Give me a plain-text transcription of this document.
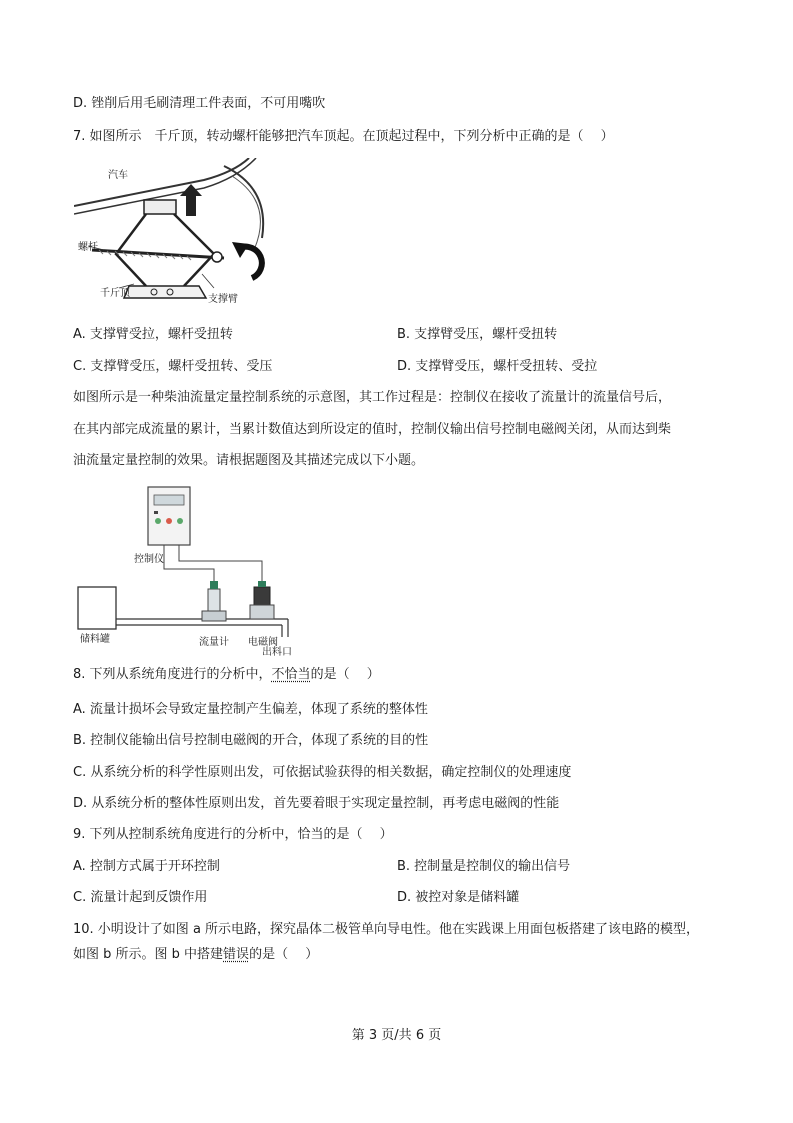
D. 锉削后用毛刷清理工件表面，不可用嘴吹
7. 如图所示　千斤顶，转动螺杆能够把汽车顶起。在顶起过程中，下列分析中正确的是（　 ）
汽车
螺杆
千斤顶
支撑臂
A. 支撑臂受拉，螺杆受扭转	B. 支撑臂受压，螺杆受扭转
C. 支撑臂受压，螺杆受扭转、受压	D. 支撑臂受压，螺杆受扭转、受拉
如图所示是一种柴油流量定量控制系统的示意图，其工作过程是：控制仪在接收了流量计的流量信号后，
在其内部完成流量的累计，当累计数值达到所设定的值时，控制仪输出信号控制电磁阀关闭，从而达到柴
油流量定量控制的效果。请根据题图及其描述完成以下小题。
控制仪
储料罐	流量计 电磁阀
出料口
8. 下列从系统角度进行的分析中，不恰当的是（　 ）
A. 流量计损坏会导致定量控制产生偏差，体现了系统的整体性
B. 控制仪能输出信号控制电磁阀的开合，体现了系统的目的性
C. 从系统分析的科学性原则出发，可依据试验获得的相关数据，确定控制仪的处理速度
D. 从系统分析的整体性原则出发，首先要着眼于实现定量控制，再考虑电磁阀的性能
9. 下列从控制系统角度进行的分析中，恰当的是（　 ）
A. 控制方式属于开环控制	B. 控制量是控制仪的输出信号
C. 流量计起到反馈作用	D. 被控对象是储料罐
10. 小明设计了如图 a 所示电路，探究晶体二极管单向导电性。他在实践课上用面包板搭建了该电路的模型，
如图 b 所示。图 b 中搭建错误的是（　 ）
第 3 页/共 6 页
